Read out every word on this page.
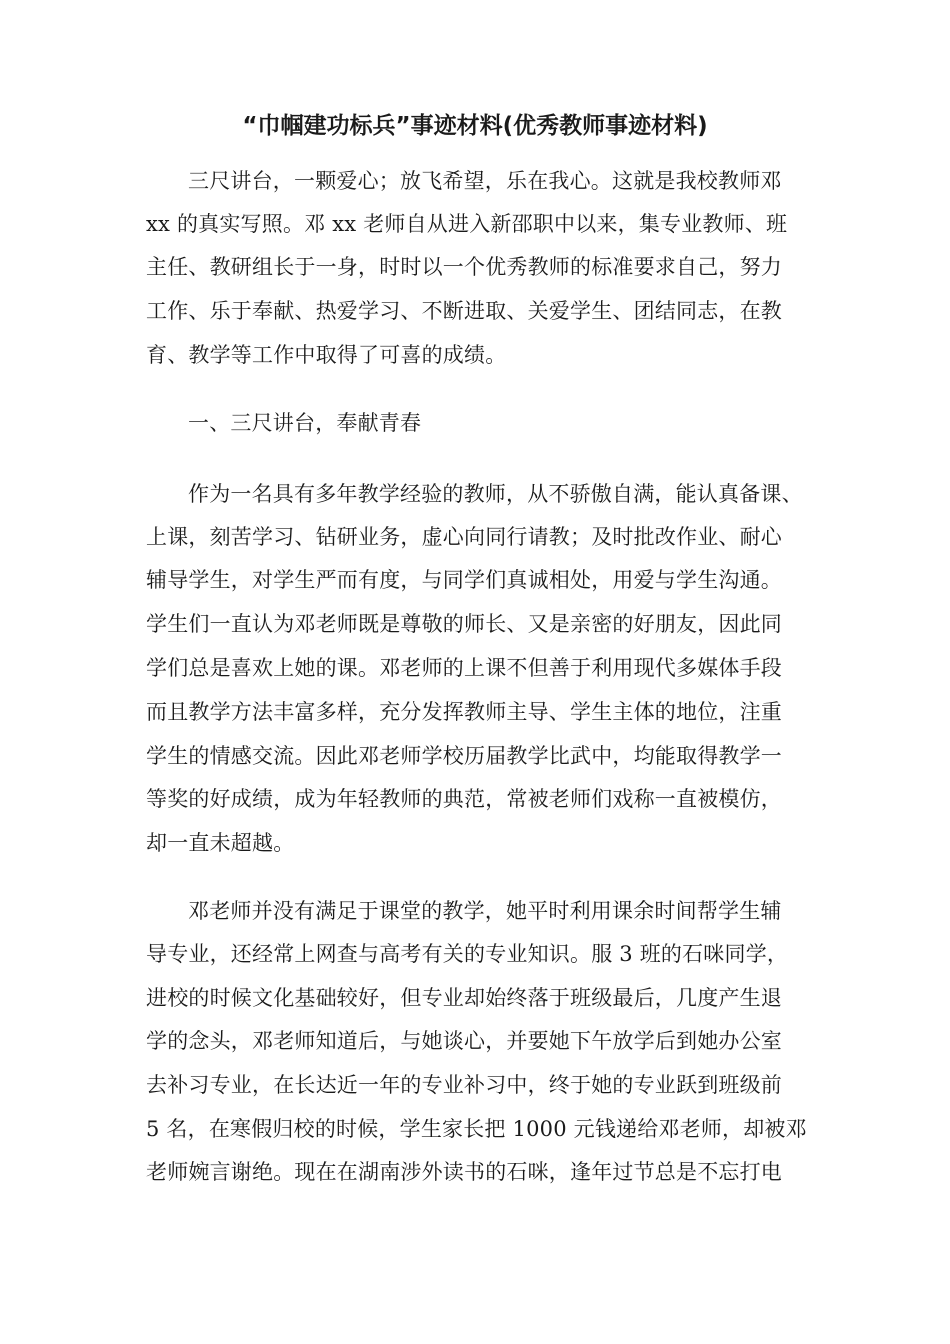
“巾帼建功标兵”事迹材料(优秀教师事迹材料)
三尺讲台，一颗爱心；放飞希望，乐在我心。这就是我校教师邓
xx 的真实写照。邓 xx 老师自从进入新邵职中以来，集专业教师、班
主任、教研组长于一身，时时以一个优秀教师的标准要求自己，努力
工作、乐于奉献、热爱学习、不断进取、关爱学生、团结同志，在教
育、教学等工作中取得了可喜的成绩。
一、三尺讲台，奉献青春
作为一名具有多年教学经验的教师，从不骄傲自满，能认真备课、
上课，刻苦学习、钻研业务，虚心向同行请教；及时批改作业、耐心
辅导学生，对学生严而有度，与同学们真诚相处，用爱与学生沟通。
学生们一直认为邓老师既是尊敬的师长、又是亲密的好朋友，因此同
学们总是喜欢上她的课。邓老师的上课不但善于利用现代多媒体手段
而且教学方法丰富多样，充分发挥教师主导、学生主体的地位，注重
学生的情感交流。因此邓老师学校历届教学比武中，均能取得教学一
等奖的好成绩，成为年轻教师的典范，常被老师们戏称一直被模仿，
却一直未超越。
邓老师并没有满足于课堂的教学，她平时利用课余时间帮学生辅
导专业，还经常上网查与高考有关的专业知识。服 3 班的石咪同学，
进校的时候文化基础较好，但专业却始终落于班级最后，几度产生退
学的念头，邓老师知道后，与她谈心，并要她下午放学后到她办公室
去补习专业，在长达近一年的专业补习中，终于她的专业跃到班级前
5 名，在寒假归校的时候，学生家长把 1000 元钱递给邓老师，却被邓
老师婉言谢绝。现在在湖南涉外读书的石咪，逢年过节总是不忘打电
